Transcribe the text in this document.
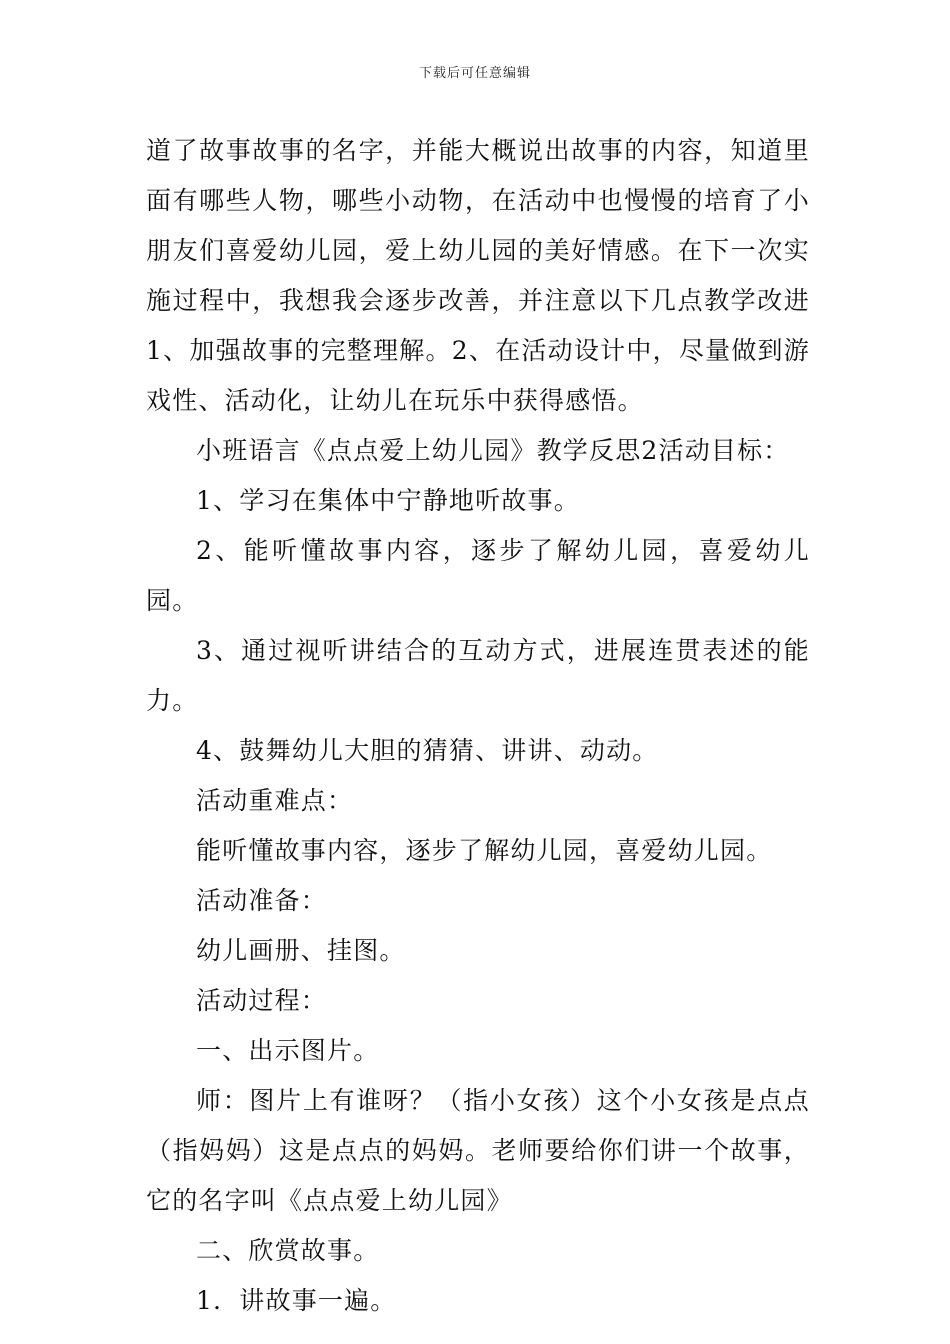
下载后可任意编辑

道了故事故事的名字，并能大概说出故事的内容，知道里面有哪些人物，哪些小动物，在活动中也慢慢的培育了小朋友们喜爱幼儿园，爱上幼儿园的美好情感。在下一次实施过程中，我想我会逐步改善，并注意以下几点教学改进1、加强故事的完整理解。2、在活动设计中，尽量做到游戏性、活动化，让幼儿在玩乐中获得感悟。

小班语言《点点爱上幼儿园》教学反思2活动目标：

1、学习在集体中宁静地听故事。

2、能听懂故事内容，逐步了解幼儿园，喜爱幼儿园。

3、通过视听讲结合的互动方式，进展连贯表述的能力。

4、鼓舞幼儿大胆的猜猜、讲讲、动动。

活动重难点：

能听懂故事内容，逐步了解幼儿园，喜爱幼儿园。

活动准备：

幼儿画册、挂图。

活动过程：

一、出示图片。

师：图片上有谁呀？（指小女孩）这个小女孩是点点（指妈妈）这是点点的妈妈。老师要给你们讲一个故事，它的名字叫《点点爱上幼儿园》

二、欣赏故事。

1．讲故事一遍。
